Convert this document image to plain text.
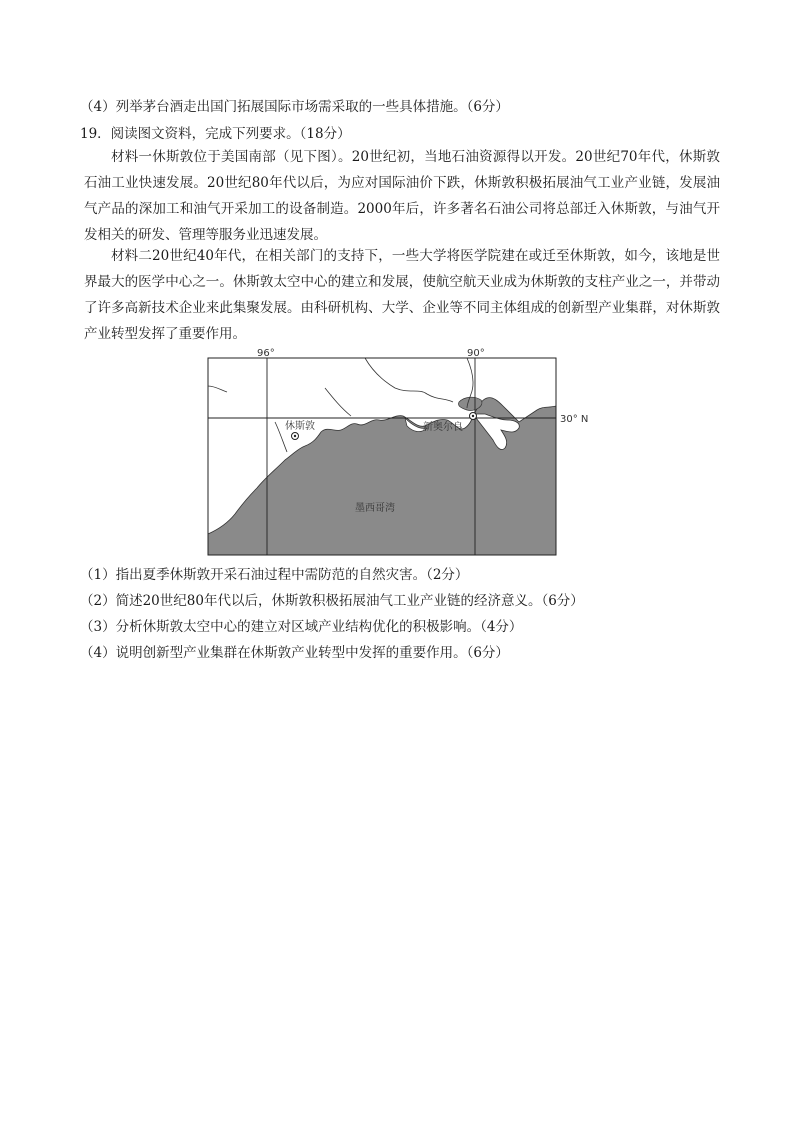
（4）列举茅台酒走出国门拓展国际市场需采取的一些具体措施。（6分）
19．阅读图文资料，完成下列要求。（18分）
材料一休斯敦位于美国南部（见下图）。20世纪初，当地石油资源得以开发。20世纪70年代，休斯敦石油工业快速发展。20世纪80年代以后，为应对国际油价下跌，休斯敦积极拓展油气工业产业链，发展油气产品的深加工和油气开采加工的设备制造。2000年后，许多著名石油公司将总部迁入休斯敦，与油气开发相关的研发、管理等服务业迅速发展。
材料二20世纪40年代，在相关部门的支持下，一些大学将医学院建在或迁至休斯敦，如今，该地是世界最大的医学中心之一。休斯敦太空中心的建立和发展，使航空航天业成为休斯敦的支柱产业之一，并带动了许多高新技术企业来此集聚发展。由科研机构、大学、企业等不同主体组成的创新型产业集群，对休斯敦产业转型发挥了重要作用。
96°	90°
30° N
休斯敦	新奥尔良
墨西哥湾
（1）指出夏季休斯敦开采石油过程中需防范的自然灾害。（2分）
（2）简述20世纪80年代以后，休斯敦积极拓展油气工业产业链的经济意义。（6分）
（3）分析休斯敦太空中心的建立对区域产业结构优化的积极影响。（4分）
（4）说明创新型产业集群在休斯敦产业转型中发挥的重要作用。（6分）
